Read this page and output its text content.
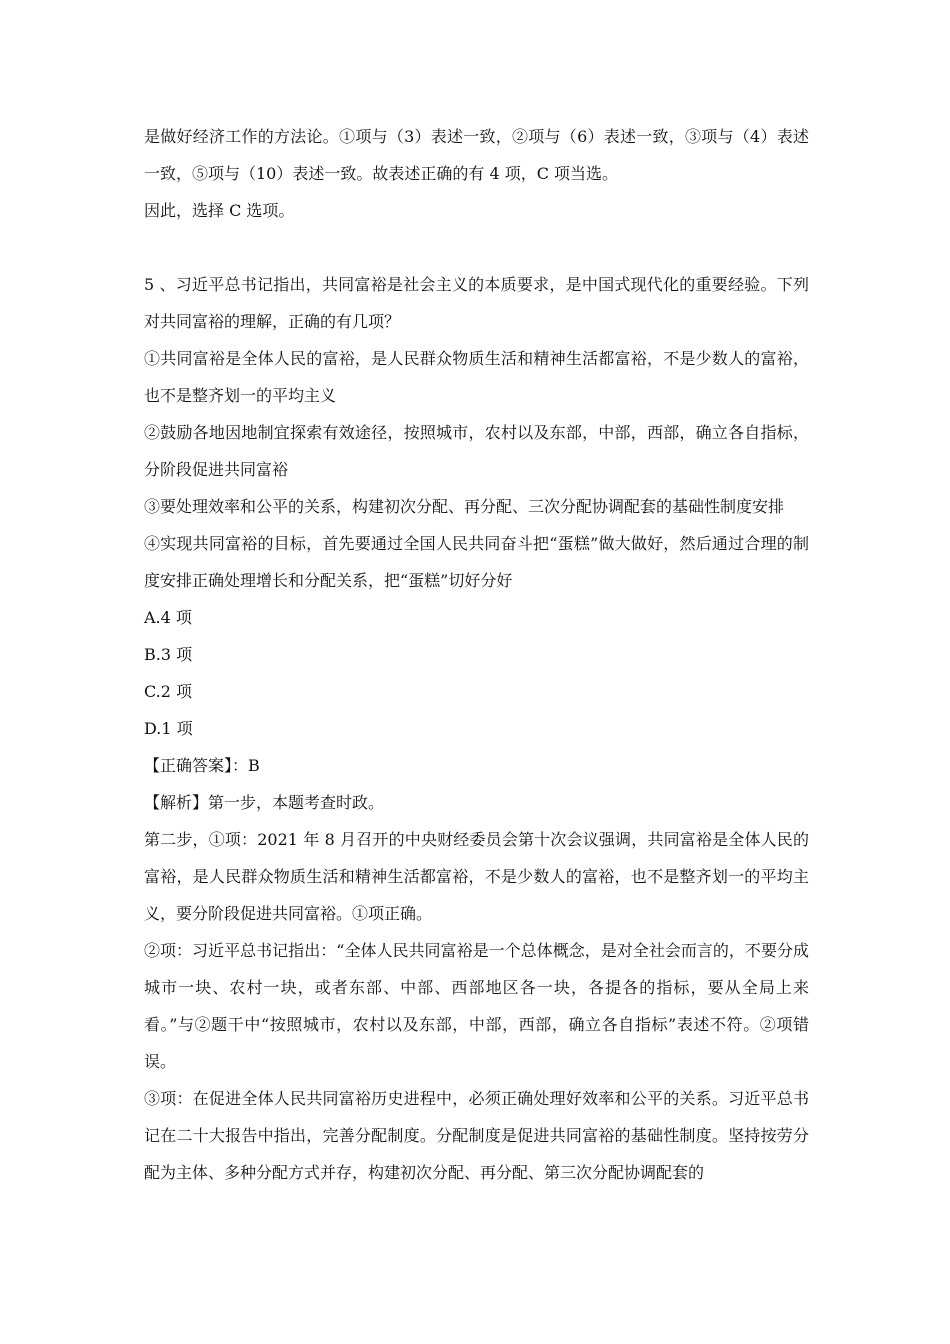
是做好经济工作的方法论。①项与（3）表述一致，②项与（6）表述一致，③项与（4）表述一致，⑤项与（10）表述一致。故表述正确的有 4 项，C 项当选。

因此，选择 C 选项。

5 、习近平总书记指出，共同富裕是社会主义的本质要求，是中国式现代化的重要经验。下列对共同富裕的理解，正确的有几项？

①共同富裕是全体人民的富裕，是人民群众物质生活和精神生活都富裕，不是少数人的富裕，也不是整齐划一的平均主义

②鼓励各地因地制宜探索有效途径，按照城市，农村以及东部，中部，西部，确立各自指标，分阶段促进共同富裕

③要处理效率和公平的关系，构建初次分配、再分配、三次分配协调配套的基础性制度安排

④实现共同富裕的目标，首先要通过全国人民共同奋斗把“蛋糕”做大做好，然后通过合理的制度安排正确处理增长和分配关系，把“蛋糕”切好分好

A.4 项

B.3 项

C.2 项

D.1 项

【正确答案】：B

【解析】第一步，本题考查时政。

第二步，①项：2021 年 8 月召开的中央财经委员会第十次会议强调，共同富裕是全体人民的富裕，是人民群众物质生活和精神生活都富裕，不是少数人的富裕，也不是整齐划一的平均主义，要分阶段促进共同富裕。①项正确。

②项：习近平总书记指出：“全体人民共同富裕是一个总体概念，是对全社会而言的，不要分成城市一块、农村一块，或者东部、中部、西部地区各一块，各提各的指标，要从全局上来看。”与②题干中“按照城市，农村以及东部，中部，西部，确立各自指标”表述不符。②项错误。

③项：在促进全体人民共同富裕历史进程中，必须正确处理好效率和公平的关系。习近平总书记在二十大报告中指出，完善分配制度。分配制度是促进共同富裕的基础性制度。坚持按劳分配为主体、多种分配方式并存，构建初次分配、再分配、第三次分配协调配套的
